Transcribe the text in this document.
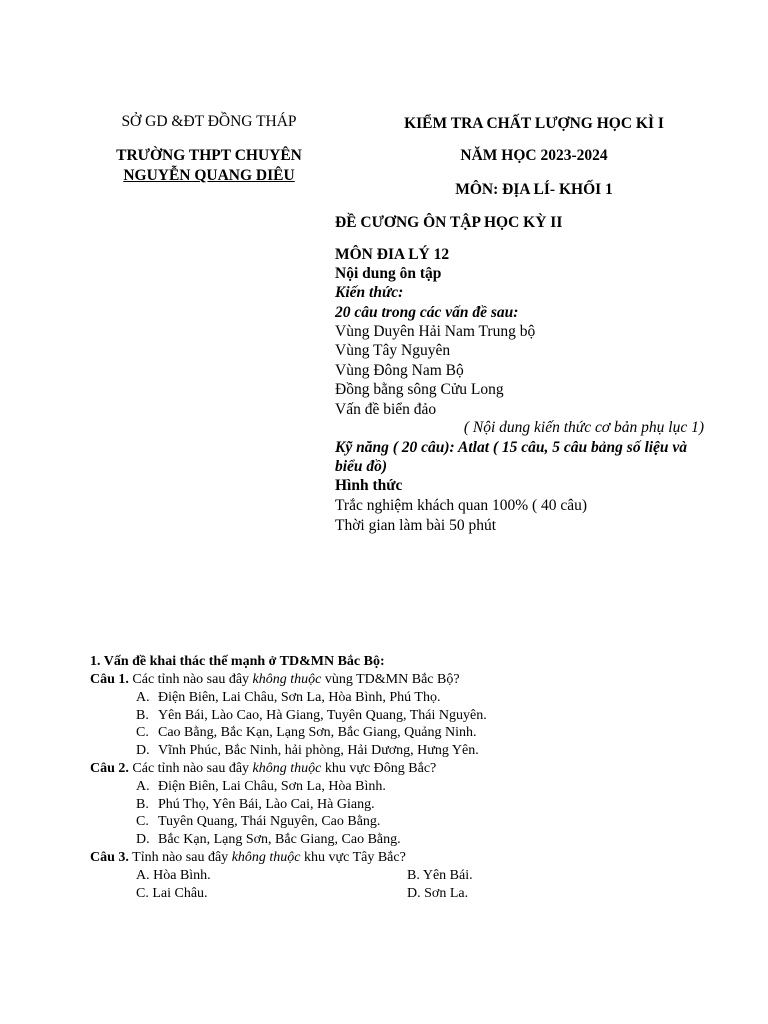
SỞ GD &ĐT ĐỒNG THÁP
TRƯỜNG THPT CHUYÊN
NGUYỄN QUANG DIÊU
KIỂM TRA CHẤT LƯỢNG HỌC KÌ I
NĂM HỌC 2023-2024
MÔN: ĐỊA LÍ- KHỐI 1
ĐỀ CƯƠNG ÔN TẬP HỌC KỲ II
MÔN ĐIA LÝ 12
Nội dung ôn tập
Kiến thức:
20 câu trong các vấn đề sau:
Vùng Duyên Hải Nam Trung bộ
Vùng Tây Nguyên
Vùng Đông Nam Bộ
Đồng bằng sông Cửu Long
Vấn đề biển đảo
( Nội dung kiến thức cơ bản phụ lục 1)
Kỹ năng ( 20 câu): Atlat ( 15 câu, 5 câu bảng số liệu và
biểu đồ)
Hình thức
Trắc nghiệm khách quan 100% ( 40 câu)
Thời gian làm bài 50 phút
1. Vấn đề khai thác thế mạnh ở TD&MN Bắc Bộ:
Câu 1. Các tỉnh nào sau đây không thuộc vùng TD&MN Bắc Bộ?
A. Điện Biên, Lai Châu, Sơn La, Hòa Bình, Phú Thọ.
B. Yên Bái, Lào Cao, Hà Giang, Tuyên Quang, Thái Nguyên.
C. Cao Bằng, Bắc Kạn, Lạng Sơn, Bắc Giang, Quảng Ninh.
D. Vĩnh Phúc, Bắc Ninh, hải phòng, Hải Dương, Hưng Yên.
Câu 2. Các tỉnh nào sau đây không thuộc khu vực Đông Bắc?
A. Điện Biên, Lai Châu, Sơn La, Hòa Bình.
B. Phú Thọ, Yên Bái, Lào Cai, Hà Giang.
C. Tuyên Quang, Thái Nguyên, Cao Bằng.
D. Bắc Kạn, Lạng Sơn, Bắc Giang, Cao Bằng.
Câu 3. Tỉnh nào sau đây không thuộc khu vực Tây Bắc?
A. Hòa Bình.	B. Yên Bái.
C. Lai Châu.	D. Sơn La.
